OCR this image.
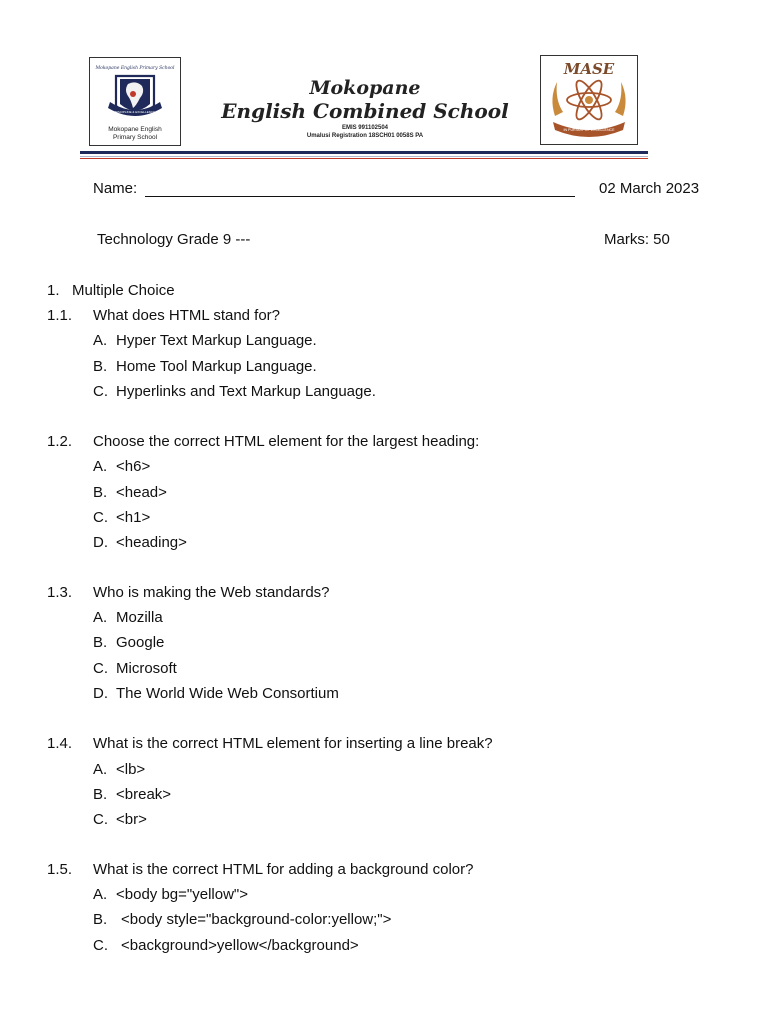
Mokopane English Primary School
DISCIPLINE & EXCELLENCE
Mokopane English
Primary School
Mokopane
English Combined School
EMIS 991102504
Umalusi Registration 18SCH01 0058S PA
MASE
IN PURSUIT OF EXCELLENCE
Name:	02 March 2023
Technology Grade 9 ---	Marks: 50
1. Multiple Choice
1.1. What does HTML stand for?
A. Hyper Text Markup Language.
B. Home Tool Markup Language.
C. Hyperlinks and Text Markup Language.
1.2. Choose the correct HTML element for the largest heading:
A. <h6>
B. <head>
C. <h1>
D. <heading>
1.3. Who is making the Web standards?
A. Mozilla
B. Google
C. Microsoft
D. The World Wide Web Consortium
1.4. What is the correct HTML element for inserting a line break?
A. <lb>
B. <break>
C. <br>
1.5. What is the correct HTML for adding a background color?
A. <body bg="yellow">
B. <body style="background-color:yellow;">
C. <background>yellow</background>
